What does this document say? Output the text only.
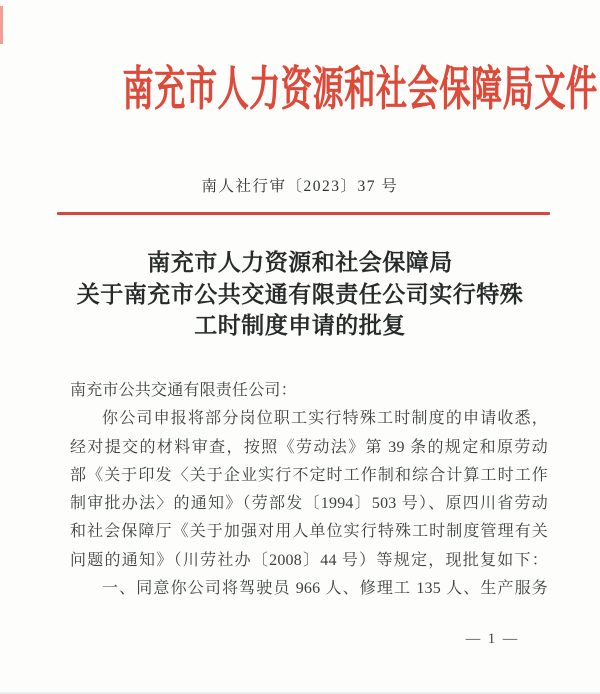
南充市人力资源和社会保障局文件
南人社行审〔2023〕37 号
南充市人力资源和社会保障局
关于南充市公共交通有限责任公司实行特殊
工时制度申请的批复
南充市公共交通有限责任公司：
你公司申报将部分岗位职工实行特殊工时制度的申请收悉，
经对提交的材料审查，按照《劳动法》第 39 条的规定和原劳动
部《关于印发〈关于企业实行不定时工作制和综合计算工时工作
制审批办法〉的通知》（劳部发〔1994〕503 号）、原四川省劳动
和社会保障厅《关于加强对用人单位实行特殊工时制度管理有关
问题的通知》（川劳社办〔2008〕44 号）等规定，现批复如下：
一、同意你公司将驾驶员 966 人、修理工 135 人、生产服务
— 1 —
